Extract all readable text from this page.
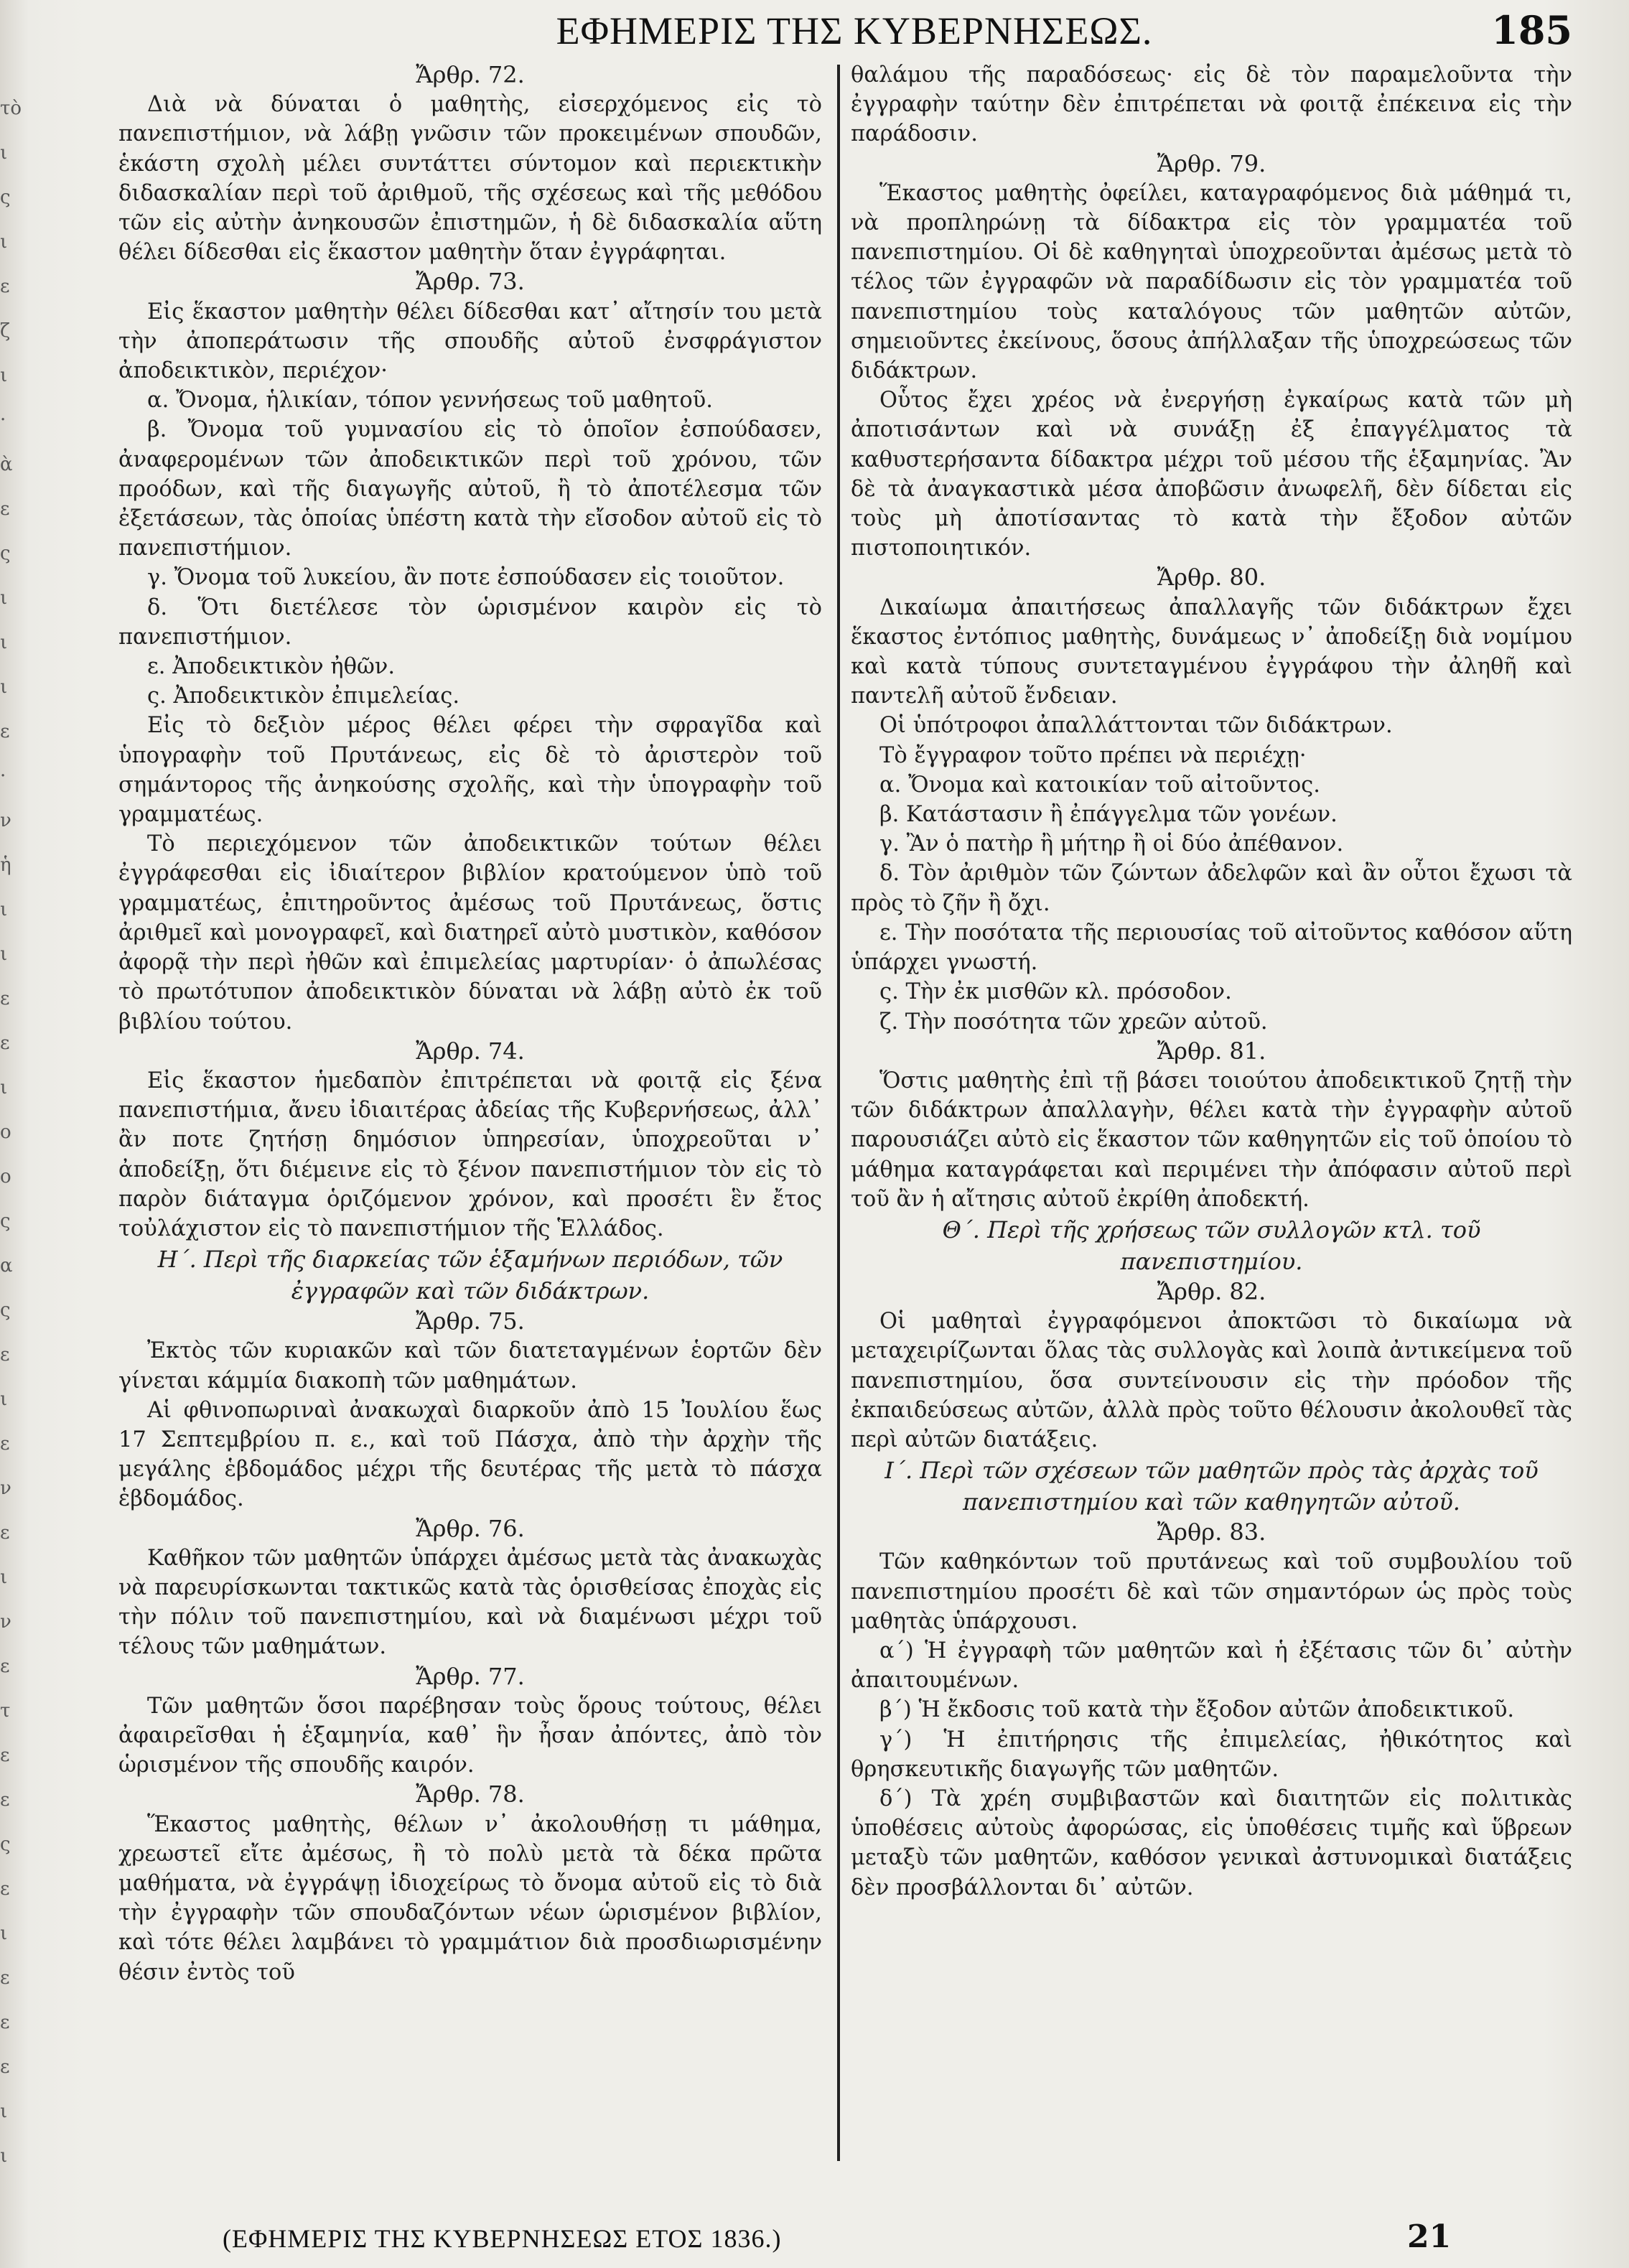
τὸ
ι
ς
ι
ε
ζ
ι
·
ὰ
ε
ς
ι
ι
ι
ε
·
ν
ἡ
ι
ι
ε
ε
ι
ο
ο
ς
α
ς
ε
ι
ε
ν
ε
ι
ν
ε
τ
ε
ε
ς
ε
ι
ε
ε
ε
ι
ι
ΕΦΗΜΕΡΙΣ ΤΗΣ ΚΥΒΕΡΝΗΣΕΩΣ.	185

Ἄρθρ. 72.

Διὰ νὰ δύναται ὁ μαθητὴς, εἰσερχόμενος εἰς τὸ πανεπιστήμιον, νὰ λάβῃ γνῶσιν τῶν προκειμένων σπουδῶν, ἑκάστη σχολὴ μέλει συντάττει σύντομον καὶ περιεκτικὴν διδασκαλίαν περὶ τοῦ ἀριθμοῦ, τῆς σχέσεως καὶ τῆς μεθόδου τῶν εἰς αὐτὴν ἀνηκουσῶν ἐπιστημῶν, ἡ δὲ διδασκαλία αὕτη θέλει δίδεσθαι εἰς ἕκαστον μαθητὴν ὅταν ἐγγράφηται.

Ἄρθρ. 73.

Εἰς ἕκαστον μαθητὴν θέλει δίδεσθαι κατ᾽ αἴτησίν του μετὰ τὴν ἀποπεράτωσιν τῆς σπουδῆς αὐτοῦ ἐνσφράγιστον ἀποδεικτικὸν, περιέχον·

α. Ὄνομα, ἡλικίαν, τόπον γεννήσεως τοῦ μαθητοῦ.

β. Ὄνομα τοῦ γυμνασίου εἰς τὸ ὁποῖον ἐσπούδασεν, ἀναφερομένων τῶν ἀποδεικτικῶν περὶ τοῦ χρόνου, τῶν προόδων, καὶ τῆς διαγωγῆς αὐτοῦ, ἢ τὸ ἀποτέλεσμα τῶν ἐξετάσεων, τὰς ὁποίας ὑπέστη κατὰ τὴν εἴσοδον αὐτοῦ εἰς τὸ πανεπιστήμιον.

γ. Ὄνομα τοῦ λυκείου, ἂν ποτε ἐσπούδασεν εἰς τοιοῦτον.

δ. Ὅτι διετέλεσε τὸν ὡρισμένον καιρὸν εἰς τὸ πανεπιστήμιον.

ε. Ἀποδεικτικὸν ἠθῶν.

ς. Ἀποδεικτικὸν ἐπιμελείας.

Εἰς τὸ δεξιὸν μέρος θέλει φέρει τὴν σφραγῖδα καὶ ὑπογραφὴν τοῦ Πρυτάνεως, εἰς δὲ τὸ ἀριστερὸν τοῦ σημάντορος τῆς ἀνηκούσης σχολῆς, καὶ τὴν ὑπογραφὴν τοῦ γραμματέως.

Τὸ περιεχόμενον τῶν ἀποδεικτικῶν τούτων θέλει ἐγγράφεσθαι εἰς ἰδιαίτερον βιβλίον κρατούμενον ὑπὸ τοῦ γραμματέως, ἐπιτηροῦντος ἀμέσως τοῦ Πρυτάνεως, ὅστις ἀριθμεῖ καὶ μονογραφεῖ, καὶ διατηρεῖ αὐτὸ μυστικὸν, καθόσον ἀφορᾷ τὴν περὶ ἠθῶν καὶ ἐπιμελείας μαρτυρίαν· ὁ ἀπωλέσας τὸ πρωτότυπον ἀποδεικτικὸν δύναται νὰ λάβῃ αὐτὸ ἐκ τοῦ βιβλίου τούτου.

Ἄρθρ. 74.

Εἰς ἕκαστον ἡμεδαπὸν ἐπιτρέπεται νὰ φοιτᾷ εἰς ξένα πανεπιστήμια, ἄνευ ἰδιαιτέρας ἀδείας τῆς Κυβερνήσεως, ἀλλ᾽ ἂν ποτε ζητήσῃ δημόσιον ὑπηρεσίαν, ὑποχρεοῦται ν᾽ ἀποδείξῃ, ὅτι διέμεινε εἰς τὸ ξένον πανεπιστήμιον τὸν εἰς τὸ παρὸν διάταγμα ὁριζόμενον χρόνον, καὶ προσέτι ἓν ἔτος τοὐλάχιστον εἰς τὸ πανεπιστήμιον τῆς Ἑλλάδος.

Η΄. Περὶ τῆς διαρκείας τῶν ἑξαμήνων περιόδων, τῶν ἐγγραφῶν καὶ τῶν διδάκτρων.

Ἄρθρ. 75.

Ἐκτὸς τῶν κυριακῶν καὶ τῶν διατεταγμένων ἑορτῶν δὲν γίνεται κάμμία διακοπὴ τῶν μαθημάτων.

Αἱ φθινοπωριναὶ ἀνακωχαὶ διαρκοῦν ἀπὸ 15 Ἰουλίου ἕως 17 Σεπτεμβρίου π. ε., καὶ τοῦ Πάσχα, ἀπὸ τὴν ἀρχὴν τῆς μεγάλης ἑβδομάδος μέχρι τῆς δευτέρας τῆς μετὰ τὸ πάσχα ἑβδομάδος.

Ἄρθρ. 76.

Καθῆκον τῶν μαθητῶν ὑπάρχει ἀμέσως μετὰ τὰς ἀνακωχὰς νὰ παρευρίσκωνται τακτικῶς κατὰ τὰς ὁρισθείσας ἐποχὰς εἰς τὴν πόλιν τοῦ πανεπιστημίου, καὶ νὰ διαμένωσι μέχρι τοῦ τέλους τῶν μαθημάτων.

Ἄρθρ. 77.

Τῶν μαθητῶν ὅσοι παρέβησαν τοὺς ὅρους τούτους, θέλει ἀφαιρεῖσθαι ἡ ἑξαμηνία, καθ᾽ ἣν ἦσαν ἀπόντες, ἀπὸ τὸν ὡρισμένον τῆς σπουδῆς καιρόν.

Ἄρθρ. 78.

Ἕκαστος μαθητὴς, θέλων ν᾽ ἀκολουθήσῃ τι μάθημα, χρεωστεῖ εἴτε ἀμέσως, ἢ τὸ πολὺ μετὰ τὰ δέκα πρῶτα μαθήματα, νὰ ἐγγράψῃ ἰδιοχείρως τὸ ὄνομα αὐτοῦ εἰς τὸ διὰ τὴν ἐγγραφὴν τῶν σπουδαζόντων νέων ὡρισμένον βιβλίον, καὶ τότε θέλει λαμβάνει τὸ γραμμάτιον διὰ προσδιωρισμένην θέσιν ἐντὸς τοῦ

θαλάμου τῆς παραδόσεως· εἰς δὲ τὸν παραμελοῦντα τὴν ἐγγραφὴν ταύτην δὲν ἐπιτρέπεται νὰ φοιτᾷ ἐπέκεινα εἰς τὴν παράδοσιν.

Ἄρθρ. 79.

Ἕκαστος μαθητὴς ὀφείλει, καταγραφόμενος διὰ μάθημά τι, νὰ προπληρώνῃ τὰ δίδακτρα εἰς τὸν γραμματέα τοῦ πανεπιστημίου. Οἱ δὲ καθηγηταὶ ὑποχρεοῦνται ἀμέσως μετὰ τὸ τέλος τῶν ἐγγραφῶν νὰ παραδίδωσιν εἰς τὸν γραμματέα τοῦ πανεπιστημίου τοὺς καταλόγους τῶν μαθητῶν αὐτῶν, σημειοῦντες ἐκείνους, ὅσους ἀπήλλαξαν τῆς ὑποχρεώσεως τῶν διδάκτρων.

Οὗτος ἔχει χρέος νὰ ἐνεργήσῃ ἐγκαίρως κατὰ τῶν μὴ ἀποτισάντων καὶ νὰ συνάξῃ ἐξ ἐπαγγέλματος τὰ καθυστερήσαντα δίδακτρα μέχρι τοῦ μέσου τῆς ἑξαμηνίας. Ἂν δὲ τὰ ἀναγκαστικὰ μέσα ἀποβῶσιν ἀνωφελῆ, δὲν δίδεται εἰς τοὺς μὴ ἀποτίσαντας τὸ κατὰ τὴν ἔξοδον αὐτῶν πιστοποιητικόν.

Ἄρθρ. 80.

Δικαίωμα ἀπαιτήσεως ἀπαλλαγῆς τῶν διδάκτρων ἔχει ἕκαστος ἐντόπιος μαθητὴς, δυνάμεως ν᾽ ἀποδείξῃ διὰ νομίμου καὶ κατὰ τύπους συντεταγμένου ἐγγράφου τὴν ἀληθῆ καὶ παντελῆ αὐτοῦ ἔνδειαν.

Οἱ ὑπότροφοι ἀπαλλάττονται τῶν διδάκτρων.

Τὸ ἔγγραφον τοῦτο πρέπει νὰ περιέχῃ·

α. Ὄνομα καὶ κατοικίαν τοῦ αἰτοῦντος.

β. Κατάστασιν ἢ ἐπάγγελμα τῶν γονέων.

γ. Ἂν ὁ πατὴρ ἢ μήτηρ ἢ οἱ δύο ἀπέθανον.

δ. Τὸν ἀριθμὸν τῶν ζώντων ἀδελφῶν καὶ ἂν οὗτοι ἔχωσι τὰ πρὸς τὸ ζῆν ἢ ὄχι.

ε. Τὴν ποσότατα τῆς περιουσίας τοῦ αἰτοῦντος καθόσον αὕτη ὑπάρχει γνωστή.

ς. Τὴν ἐκ μισθῶν κλ. πρόσοδον.

ζ. Τὴν ποσότητα τῶν χρεῶν αὐτοῦ.

Ἄρθρ. 81.

Ὅστις μαθητὴς ἐπὶ τῇ βάσει τοιούτου ἀποδεικτικοῦ ζητῇ τὴν τῶν διδάκτρων ἀπαλλαγὴν, θέλει κατὰ τὴν ἐγγραφὴν αὐτοῦ παρουσιάζει αὐτὸ εἰς ἕκαστον τῶν καθηγητῶν εἰς τοῦ ὁποίου τὸ μάθημα καταγράφεται καὶ περιμένει τὴν ἀπόφασιν αὐτοῦ περὶ τοῦ ἂν ἡ αἴτησις αὐτοῦ ἐκρίθη ἀποδεκτή.

Θ΄. Περὶ τῆς χρήσεως τῶν συλλογῶν κτλ. τοῦ πανεπιστημίου.

Ἄρθρ. 82.

Οἱ μαθηταὶ ἐγγραφόμενοι ἀποκτῶσι τὸ δικαίωμα νὰ μεταχειρίζωνται ὅλας τὰς συλλογὰς καὶ λοιπὰ ἀντικείμενα τοῦ πανεπιστημίου, ὅσα συντείνουσιν εἰς τὴν πρόοδον τῆς ἐκπαιδεύσεως αὐτῶν, ἀλλὰ πρὸς τοῦτο θέλουσιν ἀκολουθεῖ τὰς περὶ αὐτῶν διατάξεις.

Ι΄. Περὶ τῶν σχέσεων τῶν μαθητῶν πρὸς τὰς ἀρχὰς τοῦ πανεπιστημίου καὶ τῶν καθηγητῶν αὐτοῦ.

Ἄρθρ. 83.

Τῶν καθηκόντων τοῦ πρυτάνεως καὶ τοῦ συμβουλίου τοῦ πανεπιστημίου προσέτι δὲ καὶ τῶν σημαντόρων ὡς πρὸς τοὺς μαθητὰς ὑπάρχουσι.

α΄) Ἡ ἐγγραφὴ τῶν μαθητῶν καὶ ἡ ἐξέτασις τῶν δι᾽ αὐτὴν ἀπαιτουμένων.

β΄) Ἡ ἔκδοσις τοῦ κατὰ τὴν ἔξοδον αὐτῶν ἀποδεικτικοῦ.

γ΄) Ἡ ἐπιτήρησις τῆς ἐπιμελείας, ἠθικότητος καὶ θρησκευτικῆς διαγωγῆς τῶν μαθητῶν.

δ΄) Τὰ χρέη συμβιβαστῶν καὶ διαιτητῶν εἰς πολιτικὰς ὑποθέσεις αὐτοὺς ἀφορώσας, εἰς ὑποθέσεις τιμῆς καὶ ὕβρεων μεταξὺ τῶν μαθητῶν, καθόσον γενικαὶ ἀστυνομικαὶ διατάξεις δὲν προσβάλλονται δι᾽ αὐτῶν.

(ΕΦΗΜΕΡΙΣ ΤΗΣ ΚΥΒΕΡΝΗΣΕΩΣ ΕΤΟΣ 1836.)	21
